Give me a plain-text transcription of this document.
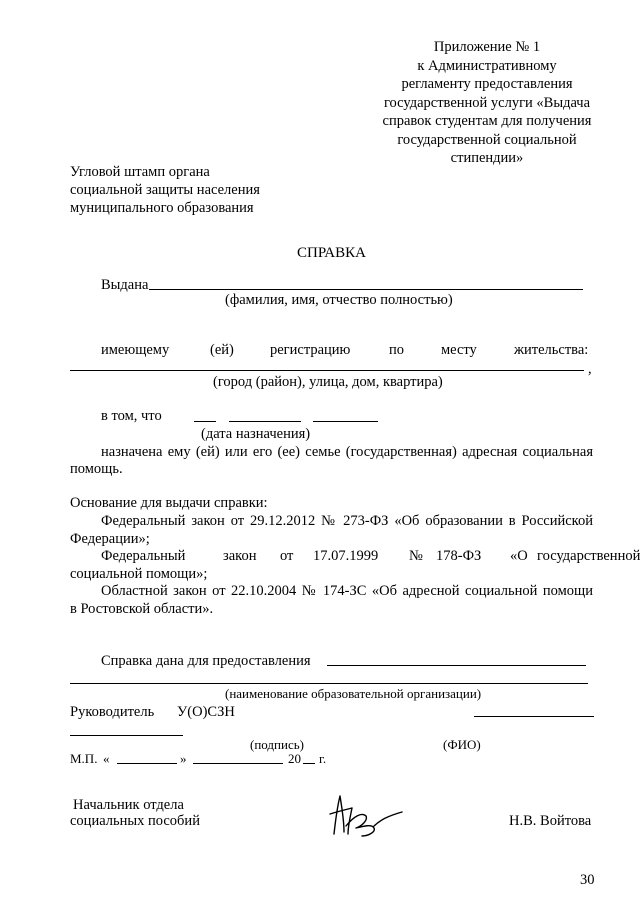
Приложение № 1
к Административному
регламенту предоставления
государственной услуги «Выдача
справок студентам для получения
государственной социальной
стипендии»
Угловой штамп органа
социальной защиты населения
муниципального образования
СПРАВКА
Выдана
(фамилия, имя, отчество полностью)
имеющему	(ей) регистрацию	по	месту	жительства:
,
(город (район), улица, дом, квартира)
в том, что
(дата назначения)
назначена ему (ей) или его (ее) семье (государственная) адресная социальная
помощь.
Основание для выдачи справки:
Федеральный закон от 29.12.2012 № 273-ФЗ «Об образовании в Российской
Федерации»;
Федеральный	закон от 17.07.1999 № 178-ФЗ «О государственной
социальной помощи»;
Областной закон от 22.10.2004 № 174-ЗС «Об адресной социальной помощи
в Ростовской области».
Справка дана для предоставления
(наименование образовательной организации)
Руководитель У(О)СЗН
(подпись)	(ФИО)
М.П. «	»	20 г.
Начальник отдела
социальных пособий	Н.В. Войтова
30
